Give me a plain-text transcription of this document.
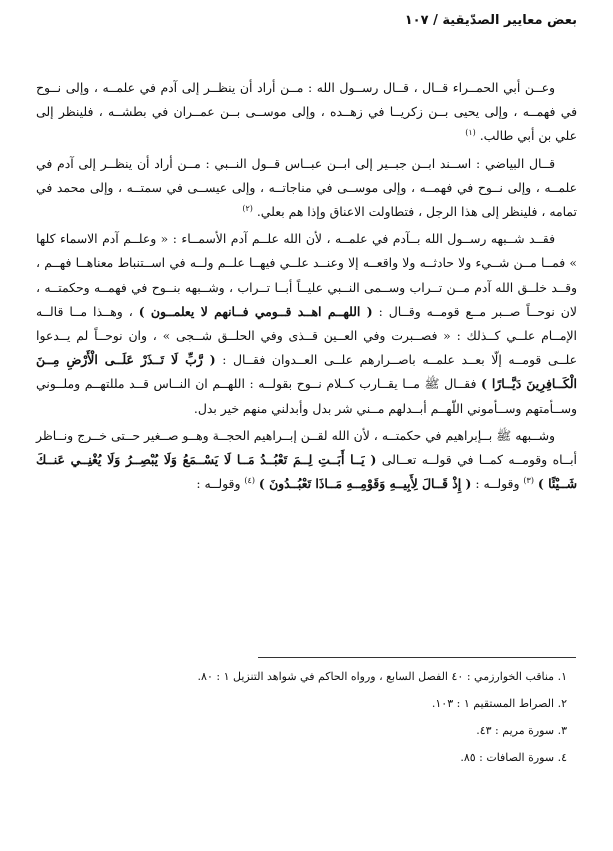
بعض معايير الصدّيقية / ١٠٧

وعــن أبي الحمــراء قــال ، قــال رســول الله : مــن أراد أن ينظــر إلى آدم في علمــه ، وإلى نــوح في فهمــه ، وإلى يحيى بــن زكريــا في زهــده ، وإلى موســى بــن عمــران في بطشــه ، فلينظر إلى علي بن أبي طالب. $^{(١)}$

قــال البياضي : اســند ابــن جبــير إلى ابــن عبــاس قــول النــبي : مــن أراد أن ينظــر إلى آدم في علمــه ، وإلى نــوح في فهمــه ، وإلى موســى في مناجاتــه ، وإلى عيســى في سمتــه ، وإلى محمد في تمامه ، فلينظر إلى هذا الرجل ، فتطاولت الاعناق وإذا هم بعلي. $^{(٢)}$

فقــد شــبهه رســول الله بــآدم في علمــه ، لأن الله علــم آدم الأسمــاء : « وعلــم آدم الاسماء كلها » فمــا مــن شــيء ولا حادثــه ولا واقعــه إلا وعنــد علــي فيهــا علــم ولــه في اســتنباط معناهــا فهــم ، وقــد خلــق الله آدم مــن تــراب وســمى النــبي عليــاً أبــا تــراب ، وشــبهه بنــوح في فهمــه وحكمتــه ، لان نوحــاً صــبر مــع قومــه وقــال : ( اللهــم اهــد قــومي فــانهم لا يعلمــون ) ، وهــذا مــا قالــه الإمــام علــي كــذلك : « فصــبرت وفي العــين قــذى وفي الحلــق شــجى » ، وان نوحــاً لم يــدعوا علــى قومــه إلّا بعــد علمــه باصــرارهم علــى العــدوان فقــال : ( رَّبِّ لَا تَــذَرْ عَلَــى الْأَرْضِ مِــنَ الْكَــافِرِينَ دَيَّــارًا ) فقــال ﷺ مــا يقــارب كــلام نــوح بقولــه : اللهــم ان النــاس قــد مللتهــم وملــوني وســأمتهم وســأموني اللّهــم أبــدلهم مــني شر بدل وأبدلني منهم خير بدل.

وشــبهه ﷺ بــإبراهيم في حكمتــه ، لأن الله لقــن إبــراهيم الحجــة وهــو صــغير حــتى خــرج ونــاظر أبــاه وقومــه كمــا في قولــه تعــالى ( يَــا أَبَــتِ لِــمَ تَعْبُــدُ مَــا لَا يَسْــمَعُ وَلَا يُبْصِــرُ وَلَا يُغْنِــي عَنــكَ شَــيْئًا ) $^{(٣)}$ وقولــه : ( إِذْ قَــالَ لِأَبِيــهِ وَقَوْمِــهِ مَــاذَا تَعْبُــدُونَ ) $^{(٤)}$ وقولــه :

١. مناقب الخوارزمي : ٤٠ الفصل السابع ، ورواه الحاكم في شواهد التنزيل ١ : ٨٠.
٢. الصراط المستقيم ١ : ١٠٣.
٣. سورة مريم : ٤٣.
٤. سورة الصافات : ٨٥.
